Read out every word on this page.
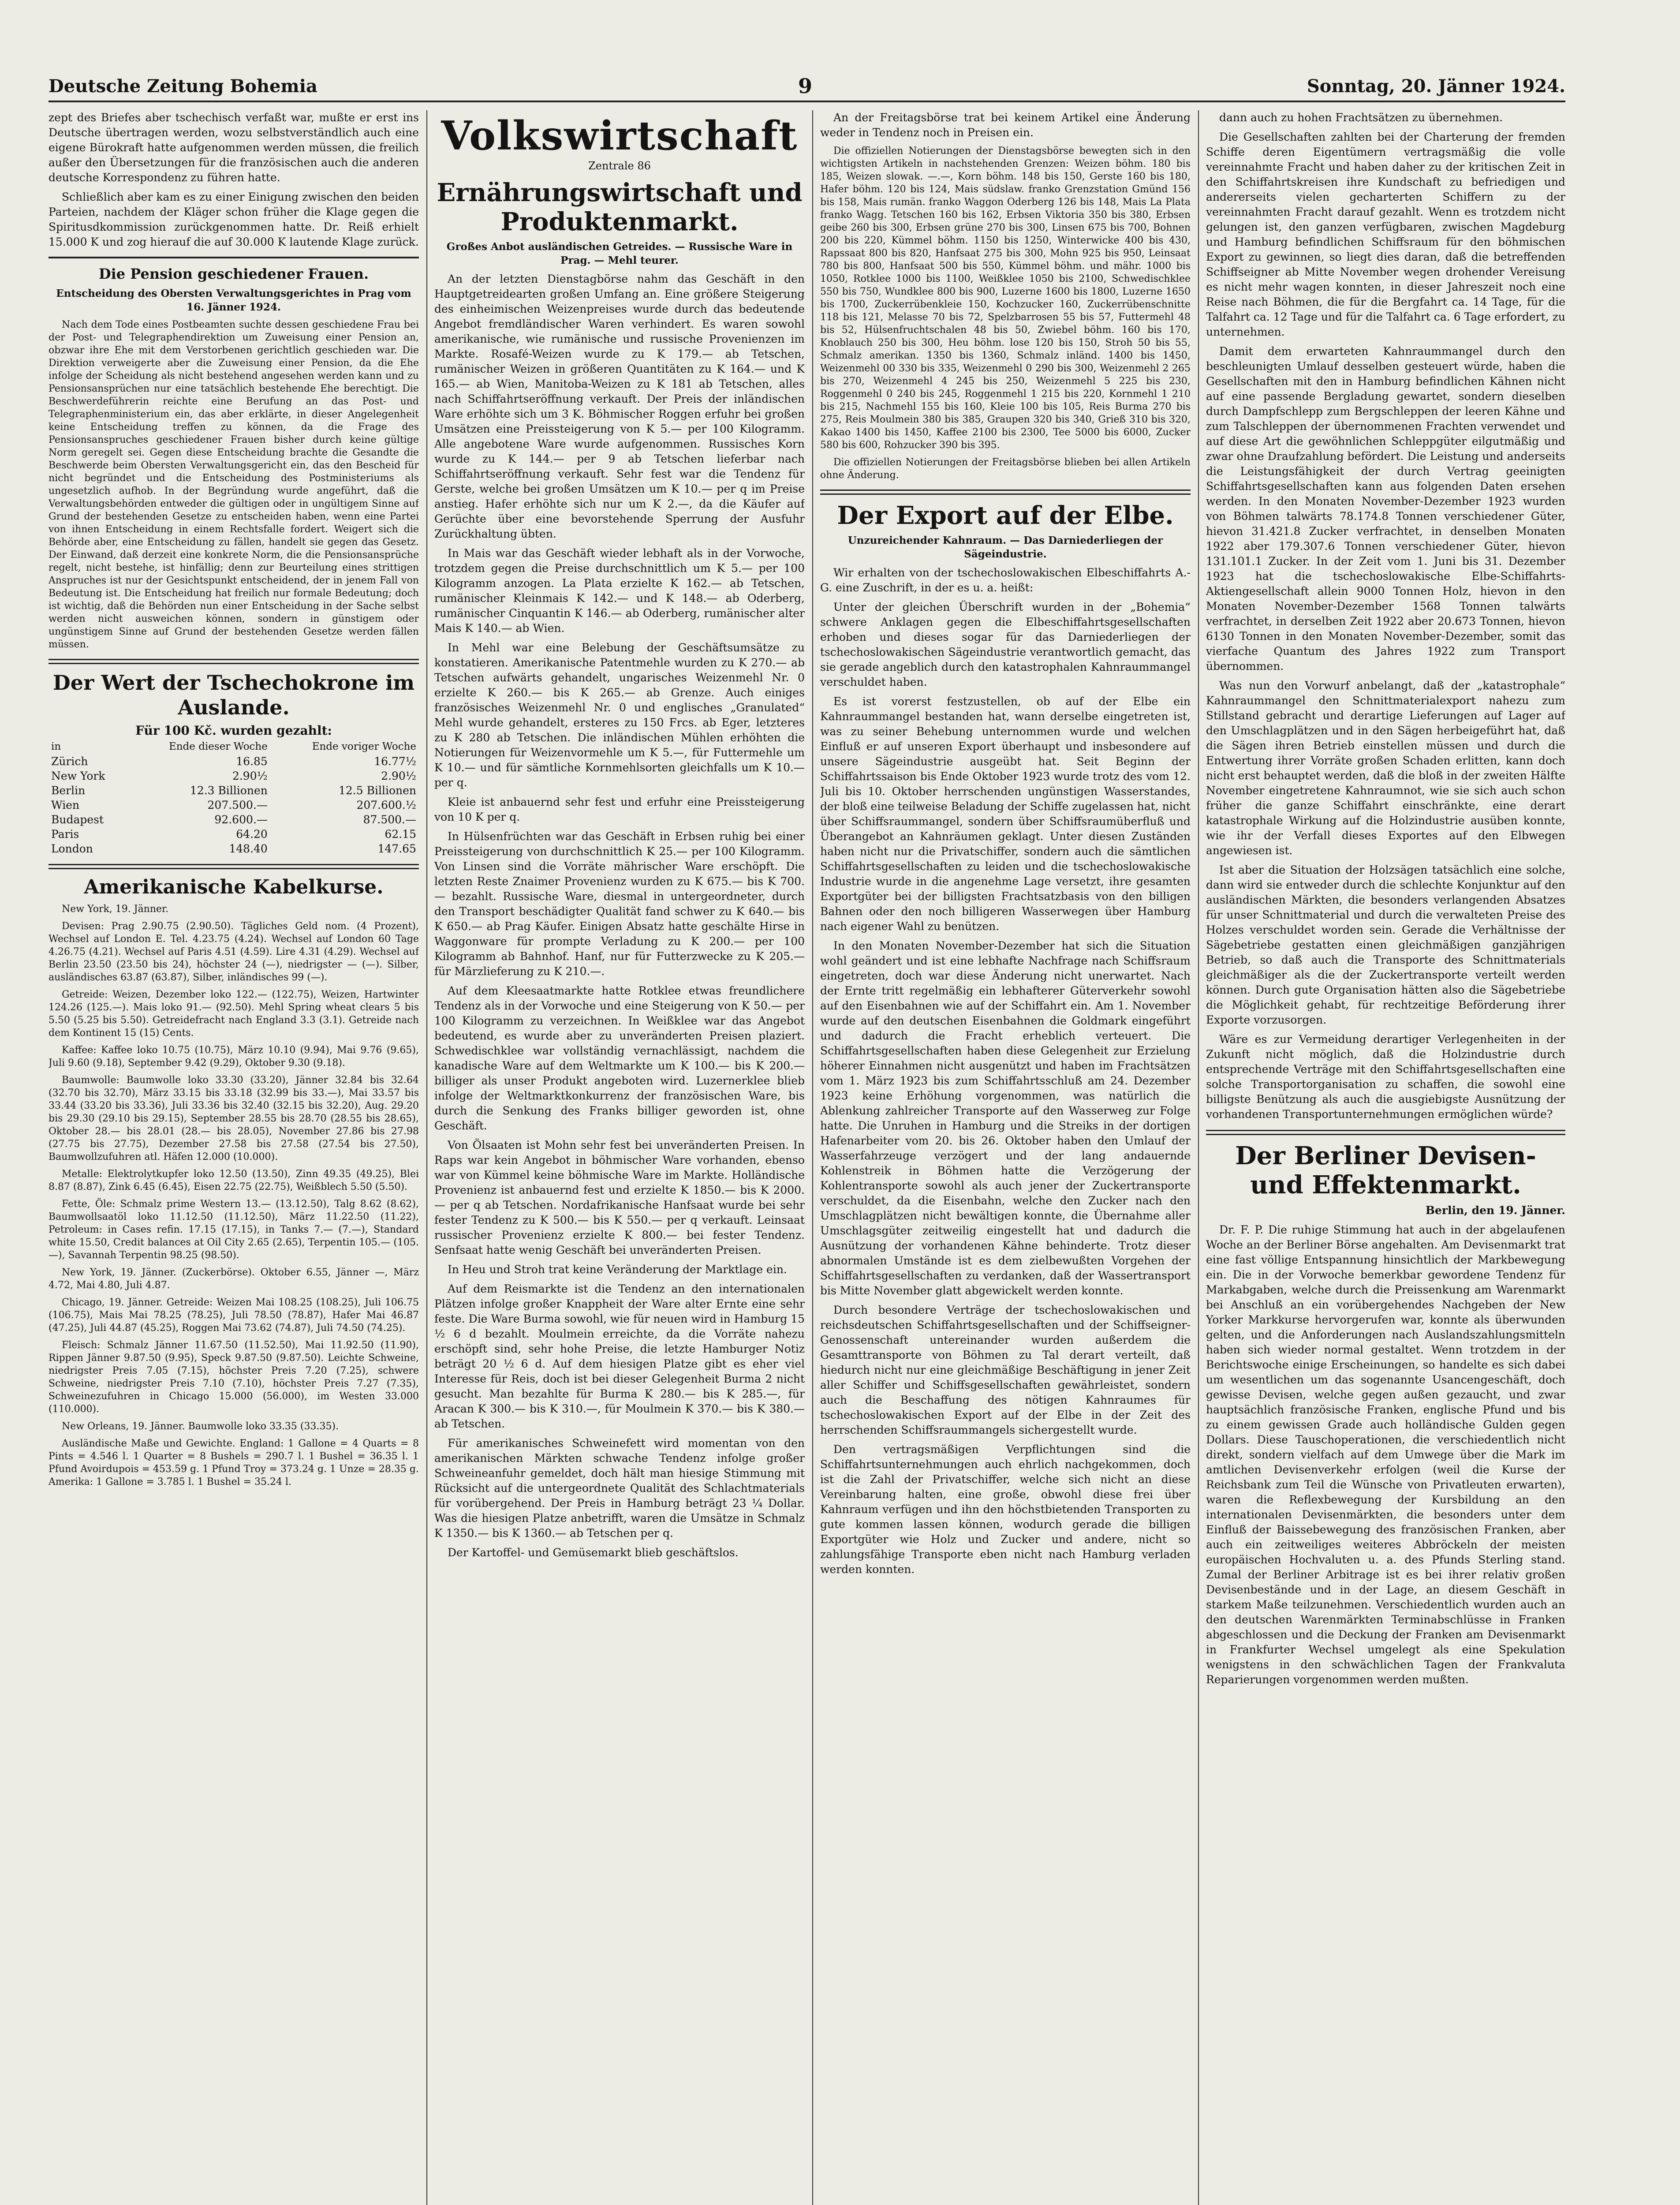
Deutsche Zeitung Bohemia	9	Sonntag, 20. Jänner 1924.

zept des Briefes aber tschechisch verfaßt war, mußte er erst ins Deutsche übertragen werden, wozu selbstverständlich auch eine eigene Bürokraft hatte aufgenommen werden müssen, die freilich außer den Übersetzungen für die französischen auch die anderen deutsche Korrespondenz zu führen hatte.

Schließlich aber kam es zu einer Einigung zwischen den beiden Parteien, nachdem der Kläger schon früher die Klage gegen die Spiritusdkommission zurückgenommen hatte. Dr. Reiß erhielt 15.000 K und zog hierauf die auf 30.000 K lautende Klage zurück.

Die Pension geschiedener Frauen.
Entscheidung des Obersten Verwaltungsgerichtes in Prag vom 16. Jänner 1924.

Nach dem Tode eines Postbeamten suchte dessen geschiedene Frau bei der Post- und Telegraphendirektion um Zuweisung einer Pension an, obzwar ihre Ehe mit dem Verstorbenen gerichtlich geschieden war. Die Direktion verweigerte aber die Zuweisung einer Pension, da die Ehe infolge der Scheidung als nicht bestehend angesehen werden kann und zu Pensionsansprüchen nur eine tatsächlich bestehende Ehe berechtigt. Die Beschwerdeführerin reichte eine Berufung an das Post- und Telegraphenministerium ein, das aber erklärte, in dieser Angelegenheit keine Entscheidung treffen zu können, da die Frage des Pensionsanspruches geschiedener Frauen bisher durch keine gültige Norm geregelt sei. Gegen diese Entscheidung brachte die Gesandte die Beschwerde beim Obersten Verwaltungsgericht ein, das den Bescheid für nicht begründet und die Entscheidung des Postministeriums als ungesetzlich aufhob. In der Begründung wurde angeführt, daß die Verwaltungsbehörden entweder die gültigen oder in ungültigem Sinne auf Grund der bestehenden Gesetze zu entscheiden haben, wenn eine Partei von ihnen Entscheidung in einem Rechtsfalle fordert. Weigert sich die Behörde aber, eine Entscheidung zu fällen, handelt sie gegen das Gesetz. Der Einwand, daß derzeit eine konkrete Norm, die die Pensionsansprüche regelt, nicht bestehe, ist hinfällig; denn zur Beurteilung eines strittigen Anspruches ist nur der Gesichtspunkt entscheidend, der in jenem Fall von Bedeutung ist. Die Entscheidung hat freilich nur formale Bedeutung; doch ist wichtig, daß die Behörden nun einer Entscheidung in der Sache selbst werden nicht ausweichen können, sondern in günstigem oder ungünstigem Sinne auf Grund der bestehenden Gesetze werden fällen müssen.

Der Wert der Tschechokrone im Auslande.
Für 100 Kč. wurden gezahlt:
in	Ende dieser Woche	Ende voriger Woche
Zürich	16.85	16.77½
New York	2.90½	2.90½
Berlin	12.3 Billionen	12.5 Billionen
Wien	207.500.—	207.600.½
Budapest	92.600.—	87.500.—
Paris	64.20	62.15
London	148.40	147.65
Amerikanische Kabelkurse.

New York, 19. Jänner.

Devisen: Prag 2.90.75 (2.90.50). Tägliches Geld nom. (4 Prozent), Wechsel auf London E. Tel. 4.23.75 (4.24). Wechsel auf London 60 Tage 4.26.75 (4.21). Wechsel auf Paris 4.51 (4.59). Lire 4.31 (4.29). Wechsel auf Berlin 23.50 (23.50 bis 24), höchster 24 (—), niedrigster — (—). Silber, ausländisches 63.87 (63.87), Silber, inländisches 99 (—).

Getreide: Weizen, Dezember loko 122.— (122.75), Weizen, Hartwinter 124.26 (125.—). Mais loko 91.— (92.50). Mehl Spring wheat clears 5 bis 5.50 (5.25 bis 5.50). Getreidefracht nach England 3.3 (3.1). Getreide nach dem Kontinent 15 (15) Cents.

Kaffee: Kaffee loko 10.75 (10.75), März 10.10 (9.94), Mai 9.76 (9.65), Juli 9.60 (9.18), September 9.42 (9.29), Oktober 9.30 (9.18).

Baumwolle: Baumwolle loko 33.30 (33.20), Jänner 32.84 bis 32.64 (32.70 bis 32.70), März 33.15 bis 33.18 (32.99 bis 33.—), Mai 33.57 bis 33.44 (33.20 bis 33.36), Juli 33.36 bis 32.40 (32.15 bis 32.20), Aug. 29.20 bis 29.30 (29.10 bis 29.15), September 28.55 bis 28.70 (28.55 bis 28.65), Oktober 28.— bis 28.01 (28.— bis 28.05), November 27.86 bis 27.98 (27.75 bis 27.75), Dezember 27.58 bis 27.58 (27.54 bis 27.50), Baumwollzufuhren atl. Häfen 12.000 (10.000).

Metalle: Elektrolytkupfer loko 12.50 (13.50), Zinn 49.35 (49.25), Blei 8.87 (8.87), Zink 6.45 (6.45), Eisen 22.75 (22.75), Weißblech 5.50 (5.50).

Fette, Öle: Schmalz prime Western 13.— (13.12.50), Talg 8.62 (8.62), Baumwollsaatöl loko 11.12.50 (11.12.50), März 11.22.50 (11.22), Petroleum: in Cases refin. 17.15 (17.15), in Tanks 7.— (7.—), Standard white 15.50, Credit balances at Oil City 2.65 (2.65), Terpentin 105.— (105.—), Savannah Terpentin 98.25 (98.50).

New York, 19. Jänner. (Zuckerbörse). Oktober 6.55, Jänner —, März 4.72, Mai 4.80, Juli 4.87.

Chicago, 19. Jänner. Getreide: Weizen Mai 108.25 (108.25), Juli 106.75 (106.75), Mais Mai 78.25 (78.25), Juli 78.50 (78.87), Hafer Mai 46.87 (47.25), Juli 44.87 (45.25), Roggen Mai 73.62 (74.87), Juli 74.50 (74.25).

Fleisch: Schmalz Jänner 11.67.50 (11.52.50), Mai 11.92.50 (11.90), Rippen Jänner 9.87.50 (9.95), Speck 9.87.50 (9.87.50). Leichte Schweine, niedrigster Preis 7.05 (7.15), höchster Preis 7.20 (7.25), schwere Schweine, niedrigster Preis 7.10 (7.10), höchster Preis 7.27 (7.35), Schweinezufuhren in Chicago 15.000 (56.000), im Westen 33.000 (110.000).

New Orleans, 19. Jänner. Baumwolle loko 33.35 (33.35).

Ausländische Maße und Gewichte. England: 1 Gallone = 4 Quarts = 8 Pints = 4.546 l. 1 Quarter = 8 Bushels = 290.7 l. 1 Bushel = 36.35 l. 1 Pfund Avoirdupois = 453.59 g. 1 Pfund Troy = 373.24 g. 1 Unze = 28.35 g. Amerika: 1 Gallone = 3.785 l. 1 Bushel = 35.24 l.

Volkswirtschaft
Zentrale 86
Ernährungswirtschaft und Produktenmarkt.
Großes Anbot ausländischen Getreides. — Russische Ware in Prag. — Mehl teurer.

An der letzten Dienstagbörse nahm das Geschäft in den Hauptgetreidearten großen Umfang an. Eine größere Steigerung des einheimischen Weizenpreises wurde durch das bedeutende Angebot fremdländischer Waren verhindert. Es waren sowohl amerikanische, wie rumänische und russische Provenienzen im Markte. Rosafé-Weizen wurde zu K 179.— ab Tetschen, rumänischer Weizen in größeren Quantitäten zu K 164.— und K 165.— ab Wien, Manitoba-Weizen zu K 181 ab Tetschen, alles nach Schiffahrtseröffnung verkauft. Der Preis der inländischen Ware erhöhte sich um 3 K. Böhmischer Roggen erfuhr bei großen Umsätzen eine Preissteigerung von K 5.— per 100 Kilogramm. Alle angebotene Ware wurde aufgenommen. Russisches Korn wurde zu K 144.— per 9 ab Tetschen lieferbar nach Schiffahrtseröffnung verkauft. Sehr fest war die Tendenz für Gerste, welche bei großen Umsätzen um K 10.— per q im Preise anstieg. Hafer erhöhte sich nur um K 2.—, da die Käufer auf Gerüchte über eine bevorstehende Sperrung der Ausfuhr Zurückhaltung übten.

In Mais war das Geschäft wieder lebhaft als in der Vorwoche, trotzdem gegen die Preise durchschnittlich um K 5.— per 100 Kilogramm anzogen. La Plata erzielte K 162.— ab Tetschen, rumänischer Kleinmais K 142.— und K 148.— ab Oderberg, rumänischer Cinquantin K 146.— ab Oderberg, rumänischer alter Mais K 140.— ab Wien.

In Mehl war eine Belebung der Geschäftsumsätze zu konstatieren. Amerikanische Patentmehle wurden zu K 270.— ab Tetschen aufwärts gehandelt, ungarisches Weizenmehl Nr. 0 erzielte K 260.— bis K 265.— ab Grenze. Auch einiges französisches Weizenmehl Nr. 0 und englisches „Granulated“ Mehl wurde gehandelt, ersteres zu 150 Frcs. ab Eger, letzteres zu K 280 ab Tetschen. Die inländischen Mühlen erhöhten die Notierungen für Weizenvormehle um K 5.—, für Futtermehle um K 10.— und für sämtliche Kornmehlsorten gleichfalls um K 10.— per q.

Kleie ist anbauernd sehr fest und erfuhr eine Preissteigerung von 10 K per q.

In Hülsenfrüchten war das Geschäft in Erbsen ruhig bei einer Preissteigerung von durchschnittlich K 25.— per 100 Kilogramm. Von Linsen sind die Vorräte mährischer Ware erschöpft. Die letzten Reste Znaimer Provenienz wurden zu K 675.— bis K 700.— bezahlt. Russische Ware, diesmal in untergeordneter, durch den Transport beschädigter Qualität fand schwer zu K 640.— bis K 650.— ab Prag Käufer. Einigen Absatz hatte geschälte Hirse in Waggonware für prompte Verladung zu K 200.— per 100 Kilogramm ab Bahnhof. Hanf, nur für Futterzwecke zu K 205.— für Märzlieferung zu K 210.—.

Auf dem Kleesaatmarkte hatte Rotklee etwas freundlichere Tendenz als in der Vorwoche und eine Steigerung von K 50.— per 100 Kilogramm zu verzeichnen. In Weißklee war das Angebot bedeutend, es wurde aber zu unveränderten Preisen plaziert. Schwedischklee war vollständig vernachlässigt, nachdem die kanadische Ware auf dem Weltmarkte um K 100.— bis K 200.— billiger als unser Produkt angeboten wird. Luzernerklee blieb infolge der Weltmarktkonkurrenz der französischen Ware, bis durch die Senkung des Franks billiger geworden ist, ohne Geschäft.

Von Ölsaaten ist Mohn sehr fest bei unveränderten Preisen. In Raps war kein Angebot in böhmischer Ware vorhanden, ebenso war von Kümmel keine böhmische Ware im Markte. Holländische Provenienz ist anbauernd fest und erzielte K 1850.— bis K 2000.— per q ab Tetschen. Nordafrikanische Hanfsaat wurde bei sehr fester Tendenz zu K 500.— bis K 550.— per q verkauft. Leinsaat russischer Provenienz erzielte K 800.— bei fester Tendenz. Senfsaat hatte wenig Geschäft bei unveränderten Preisen.

In Heu und Stroh trat keine Veränderung der Marktlage ein.

Auf dem Reismarkte ist die Tendenz an den internationalen Plätzen infolge großer Knappheit der Ware alter Ernte eine sehr feste. Die Ware Burma sowohl, wie für neuen wird in Hamburg 15 ½ 6 d bezahlt. Moulmein erreichte, da die Vorräte nahezu erschöpft sind, sehr hohe Preise, die letzte Hamburger Notiz beträgt 20 ½ 6 d. Auf dem hiesigen Platze gibt es eher viel Interesse für Reis, doch ist bei dieser Gelegenheit Burma 2 nicht gesucht. Man bezahlte für Burma K 280.— bis K 285.—, für Aracan K 300.— bis K 310.—, für Moulmein K 370.— bis K 380.— ab Tetschen.

Für amerikanisches Schweinefett wird momentan von den amerikanischen Märkten schwache Tendenz infolge großer Schweineanfuhr gemeldet, doch hält man hiesige Stimmung mit Rücksicht auf die untergeordnete Qualität des Schlachtmaterials für vorübergehend. Der Preis in Hamburg beträgt 23 ¼ Dollar. Was die hiesigen Platze anbetrifft, waren die Umsätze in Schmalz K 1350.— bis K 1360.— ab Tetschen per q.

Der Kartoffel- und Gemüsemarkt blieb geschäftslos.

An der Freitagsbörse trat bei keinem Artikel eine Änderung weder in Tendenz noch in Preisen ein.

Die offiziellen Notierungen der Dienstagsbörse bewegten sich in den wichtigsten Artikeln in nachstehenden Grenzen: Weizen böhm. 180 bis 185, Weizen slowak. —.—, Korn böhm. 148 bis 150, Gerste 160 bis 180, Hafer böhm. 120 bis 124, Mais südslaw. franko Grenzstation Gmünd 156 bis 158, Mais rumän. franko Waggon Oderberg 126 bis 148, Mais La Plata franko Wagg. Tetschen 160 bis 162, Erbsen Viktoria 350 bis 380, Erbsen geibe 260 bis 300, Erbsen grüne 270 bis 300, Linsen 675 bis 700, Bohnen 200 bis 220, Kümmel böhm. 1150 bis 1250, Winterwicke 400 bis 430, Rapssaat 800 bis 820, Hanfsaat 275 bis 300, Mohn 925 bis 950, Leinsaat 780 bis 800, Hanfsaat 500 bis 550, Kümmel böhm. und mähr. 1000 bis 1050, Rotklee 1000 bis 1100, Weißklee 1050 bis 2100, Schwedischklee 550 bis 750, Wundklee 800 bis 900, Luzerne 1600 bis 1800, Luzerne 1650 bis 1700, Zuckerrübenkleie 150, Kochzucker 160, Zuckerrübenschnitte 118 bis 121, Melasse 70 bis 72, Spelzbarrosen 55 bis 57, Futtermehl 48 bis 52, Hülsenfruchtschalen 48 bis 50, Zwiebel böhm. 160 bis 170, Knoblauch 250 bis 300, Heu böhm. lose 120 bis 150, Stroh 50 bis 55, Schmalz amerikan. 1350 bis 1360, Schmalz inländ. 1400 bis 1450, Weizenmehl 00 330 bis 335, Weizenmehl 0 290 bis 300, Weizenmehl 2 265 bis 270, Weizenmehl 4 245 bis 250, Weizenmehl 5 225 bis 230, Roggenmehl 0 240 bis 245, Roggenmehl 1 215 bis 220, Kornmehl 1 210 bis 215, Nachmehl 155 bis 160, Kleie 100 bis 105, Reis Burma 270 bis 275, Reis Moulmein 380 bis 385, Graupen 320 bis 340, Grieß 310 bis 320, Kakao 1400 bis 1450, Kaffee 2100 bis 2300, Tee 5000 bis 6000, Zucker 580 bis 600, Rohzucker 390 bis 395.

Die offiziellen Notierungen der Freitagsbörse blieben bei allen Artikeln ohne Änderung.

Der Export auf der Elbe.
Unzureichender Kahnraum. — Das Darniederliegen der Sägeindustrie.

Wir erhalten von der tschechoslowakischen Elbeschiffahrts A.-G. eine Zuschrift, in der es u. a. heißt:

Unter der gleichen Überschrift wurden in der „Bohemia“ schwere Anklagen gegen die Elbeschiffahrtsgesellschaften erhoben und dieses sogar für das Darniederliegen der tschechoslowakischen Sägeindustrie verantwortlich gemacht, das sie gerade angeblich durch den katastrophalen Kahnraummangel verschuldet haben.

Es ist vorerst festzustellen, ob auf der Elbe ein Kahnraummangel bestanden hat, wann derselbe eingetreten ist, was zu seiner Behebung unternommen wurde und welchen Einfluß er auf unseren Export überhaupt und insbesondere auf unsere Sägeindustrie ausgeübt hat. Seit Beginn der Schiffahrtssaison bis Ende Oktober 1923 wurde trotz des vom 12. Juli bis 10. Oktober herrschenden ungünstigen Wasserstandes, der bloß eine teilweise Beladung der Schiffe zugelassen hat, nicht über Schiffsraummangel, sondern über Schiffsraumüberfluß und Überangebot an Kahnräumen geklagt. Unter diesen Zuständen haben nicht nur die Privatschiffer, sondern auch die sämtlichen Schiffahrtsgesellschaften zu leiden und die tschechoslowakische Industrie wurde in die angenehme Lage versetzt, ihre gesamten Exportgüter bei der billigsten Frachtsatzbasis von den billigen Bahnen oder den noch billigeren Wasserwegen über Hamburg nach eigener Wahl zu benützen.

In den Monaten November-Dezember hat sich die Situation wohl geändert und ist eine lebhafte Nachfrage nach Schiffsraum eingetreten, doch war diese Änderung nicht unerwartet. Nach der Ernte tritt regelmäßig ein lebhafterer Güterverkehr sowohl auf den Eisenbahnen wie auf der Schiffahrt ein. Am 1. November wurde auf den deutschen Eisenbahnen die Goldmark eingeführt und dadurch die Fracht erheblich verteuert. Die Schiffahrtsgesellschaften haben diese Gelegenheit zur Erzielung höherer Einnahmen nicht ausgenützt und haben im Frachtsätzen vom 1. März 1923 bis zum Schiffahrtsschluß am 24. Dezember 1923 keine Erhöhung vorgenommen, was natürlich die Ablenkung zahlreicher Transporte auf den Wasserweg zur Folge hatte. Die Unruhen in Hamburg und die Streiks in der dortigen Hafenarbeiter vom 20. bis 26. Oktober haben den Umlauf der Wasserfahrzeuge verzögert und der lang andauernde Kohlenstreik in Böhmen hatte die Verzögerung der Kohlentransporte sowohl als auch jener der Zuckertransporte verschuldet, da die Eisenbahn, welche den Zucker nach den Umschlagplätzen nicht bewältigen konnte, die Übernahme aller Umschlagsgüter zeitweilig eingestellt hat und dadurch die Ausnützung der vorhandenen Kähne behinderte. Trotz dieser abnormalen Umstände ist es dem zielbewußten Vorgehen der Schiffahrtsgesellschaften zu verdanken, daß der Wassertransport bis Mitte November glatt abgewickelt werden konnte.

Durch besondere Verträge der tschechoslowakischen und reichsdeutschen Schiffahrtsgesellschaften und der Schiffseigner-Genossenschaft untereinander wurden außerdem die Gesamttransporte von Böhmen zu Tal derart verteilt, daß hiedurch nicht nur eine gleichmäßige Beschäftigung in jener Zeit aller Schiffer und Schiffsgesellschaften gewährleistet, sondern auch die Beschaffung des nötigen Kahnraumes für tschechoslowakischen Export auf der Elbe in der Zeit des herrschenden Schiffsraummangels sichergestellt wurde.

Den vertragsmäßigen Verpflichtungen sind die Schiffahrtsunternehmungen auch ehrlich nachgekommen, doch ist die Zahl der Privatschiffer, welche sich nicht an diese Vereinbarung halten, eine große, obwohl diese frei über Kahnraum verfügen und ihn den höchstbietenden Transporten zu gute kommen lassen können, wodurch gerade die billigen Exportgüter wie Holz und Zucker und andere, nicht so zahlungsfähige Transporte eben nicht nach Hamburg verladen werden konnten.

dann auch zu hohen Frachtsätzen zu übernehmen.

Die Gesellschaften zahlten bei der Charterung der fremden Schiffe deren Eigentümern vertragsmäßig die volle vereinnahmte Fracht und haben daher zu der kritischen Zeit in den Schiffahrtskreisen ihre Kundschaft zu befriedigen und andererseits vielen gecharterten Schiffern zu der vereinnahmten Fracht darauf gezahlt. Wenn es trotzdem nicht gelungen ist, den ganzen verfügbaren, zwischen Magdeburg und Hamburg befindlichen Schiffsraum für den böhmischen Export zu gewinnen, so liegt dies daran, daß die betreffenden Schiffseigner ab Mitte November wegen drohender Vereisung es nicht mehr wagen konnten, in dieser Jahreszeit noch eine Reise nach Böhmen, die für die Bergfahrt ca. 14 Tage, für die Talfahrt ca. 12 Tage und für die Talfahrt ca. 6 Tage erfordert, zu unternehmen.

Damit dem erwarteten Kahnraummangel durch den beschleunigten Umlauf desselben gesteuert würde, haben die Gesellschaften mit den in Hamburg befindlichen Kähnen nicht auf eine passende Bergladung gewartet, sondern dieselben durch Dampfschlepp zum Bergschleppen der leeren Kähne und zum Talschleppen der übernommenen Frachten verwendet und auf diese Art die gewöhnlichen Schleppgüter eilgutmäßig und zwar ohne Draufzahlung befördert. Die Leistung und anderseits die Leistungsfähigkeit der durch Vertrag geeinigten Schiffahrtsgesellschaften kann aus folgenden Daten ersehen werden. In den Monaten November-Dezember 1923 wurden von Böhmen talwärts 78.174.8 Tonnen verschiedener Güter, hievon 31.421.8 Zucker verfrachtet, in denselben Monaten 1922 aber 179.307.6 Tonnen verschiedener Güter, hievon 131.101.1 Zucker. In der Zeit vom 1. Juni bis 31. Dezember 1923 hat die tschechoslowakische Elbe-Schiffahrts-Aktiengesellschaft allein 9000 Tonnen Holz, hievon in den Monaten November-Dezember 1568 Tonnen talwärts verfrachtet, in derselben Zeit 1922 aber 20.673 Tonnen, hievon 6130 Tonnen in den Monaten November-Dezember, somit das vierfache Quantum des Jahres 1922 zum Transport übernommen.

Was nun den Vorwurf anbelangt, daß der „katastrophale“ Kahnraummangel den Schnittmaterialexport nahezu zum Stillstand gebracht und derartige Lieferungen auf Lager auf den Umschlagplätzen und in den Sägen herbeigeführt hat, daß die Sägen ihren Betrieb einstellen müssen und durch die Entwertung ihrer Vorräte großen Schaden erlitten, kann doch nicht erst behauptet werden, daß die bloß in der zweiten Hälfte November eingetretene Kahnraumnot, wie sie sich auch schon früher die ganze Schiffahrt einschränkte, eine derart katastrophale Wirkung auf die Holzindustrie ausüben konnte, wie ihr der Verfall dieses Exportes auf den Elbwegen angewiesen ist.

Ist aber die Situation der Holzsägen tatsächlich eine solche, dann wird sie entweder durch die schlechte Konjunktur auf den ausländischen Märkten, die besonders verlangenden Absatzes für unser Schnittmaterial und durch die verwalteten Preise des Holzes verschuldet worden sein. Gerade die Verhältnisse der Sägebetriebe gestatten einen gleichmäßigen ganzjährigen Betrieb, so daß auch die Transporte des Schnittmaterials gleichmäßiger als die der Zuckertransporte verteilt werden können. Durch gute Organisation hätten also die Sägebetriebe die Möglichkeit gehabt, für rechtzeitige Beförderung ihrer Exporte vorzusorgen.

Wäre es zur Vermeidung derartiger Verlegenheiten in der Zukunft nicht möglich, daß die Holzindustrie durch entsprechende Verträge mit den Schiffahrtsgesellschaften eine solche Transportorganisation zu schaffen, die sowohl eine billigste Benützung als auch die ausgiebigste Ausnützung der vorhandenen Transportunternehmungen ermöglichen würde?

Der Berliner Devisen- und Effektenmarkt.

Berlin, den 19. Jänner.

Dr. F. P. Die ruhige Stimmung hat auch in der abgelaufenen Woche an der Berliner Börse angehalten. Am Devisenmarkt trat eine fast völlige Entspannung hinsichtlich der Markbewegung ein. Die in der Vorwoche bemerkbar gewordene Tendenz für Markabgaben, welche durch die Preissenkung am Warenmarkt bei Anschluß an ein vorübergehendes Nachgeben der New Yorker Markkurse hervorgerufen war, konnte als überwunden gelten, und die Anforderungen nach Auslandszahlungsmitteln haben sich wieder normal gestaltet. Wenn trotzdem in der Berichtswoche einige Erscheinungen, so handelte es sich dabei um wesentlichen um das sogenannte Usancengeschäft, doch gewisse Devisen, welche gegen außen gezaucht, und zwar hauptsächlich französische Franken, englische Pfund und bis zu einem gewissen Grade auch holländische Gulden gegen Dollars. Diese Tauschoperationen, die verschiedentlich nicht direkt, sondern vielfach auf dem Umwege über die Mark im amtlichen Devisenverkehr erfolgen (weil die Kurse der Reichsbank zum Teil die Wünsche von Privatleuten erwarten), waren die Reflexbewegung der Kursbildung an den internationalen Devisenmärkten, die besonders unter dem Einfluß der Baissebewegung des französischen Franken, aber auch ein zeitweiliges weiteres Abbröckeln der meisten europäischen Hochvaluten u. a. des Pfunds Sterling stand. Zumal der Berliner Arbitrage ist es bei ihrer relativ großen Devisenbestände und in der Lage, an diesem Geschäft in starkem Maße teilzunehmen. Verschiedentlich wurden auch an den deutschen Warenmärkten Terminabschlüsse in Franken abgeschlossen und die Deckung der Franken am Devisenmarkt in Frankfurter Wechsel umgelegt als eine Spekulation wenigstens in den schwächlichen Tagen der Frankvaluta Reparierungen vorgenommen werden mußten.
